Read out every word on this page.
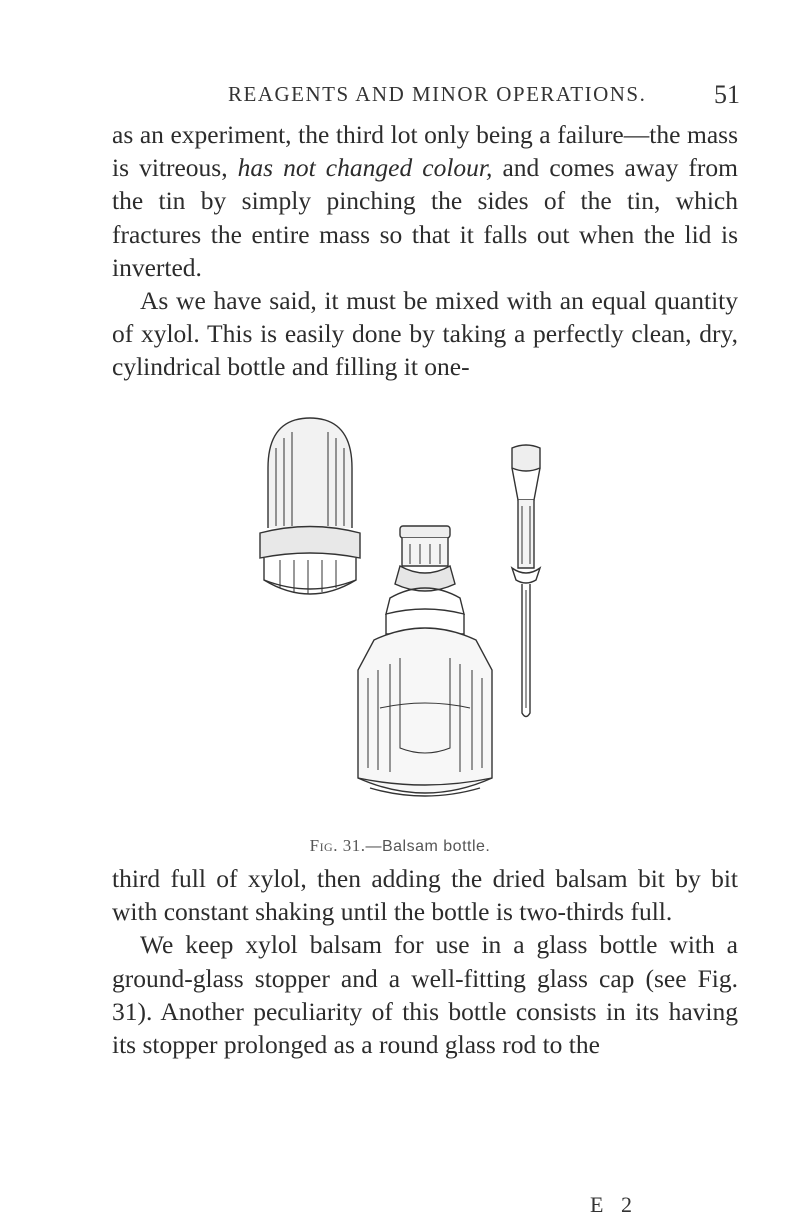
REAGENTS AND MINOR OPERATIONS.	51

as an experiment, the third lot only being a failure—the mass is vitreous, has not changed colour, and comes away from the tin by simply pinching the sides of the tin, which fractures the entire mass so that it falls out when the lid is inverted.

As we have said, it must be mixed with an equal quantity of xylol. This is easily done by taking a perfectly clean, dry, cylindrical bottle and filling it one-

Fig. 31.—Balsam bottle.

third full of xylol, then adding the dried balsam bit by bit with constant shaking until the bottle is two-thirds full.

We keep xylol balsam for use in a glass bottle with a ground-glass stopper and a well-fitting glass cap (see Fig. 31). Another peculiarity of this bottle consists in its having its stopper prolonged as a round glass rod to the

E 2
